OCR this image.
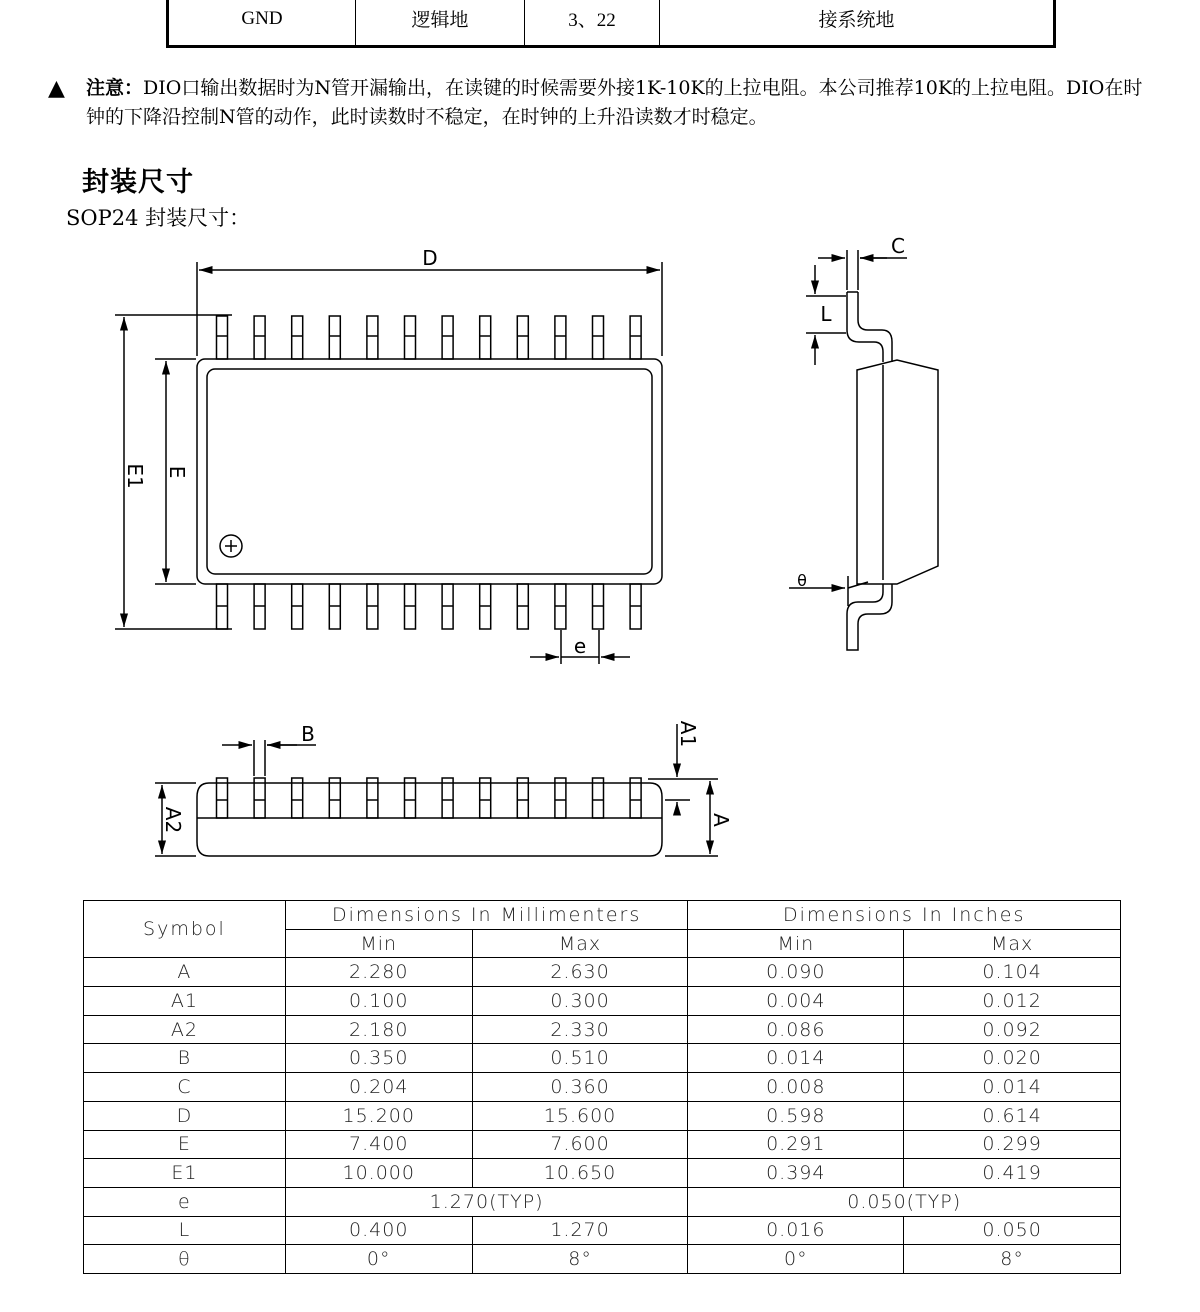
GND	逻辑地	3、22	接系统地
▲ 注意：DIO口输出数据时为N管开漏输出，在读键的时候需要外接1K-10K的上拉电阻。本公司推荐10K的上拉电阻。DIO在时钟的下降沿控制N管的动作，此时读数时不稳定，在时钟的上升沿读数才时稳定。
封装尺寸
SOP24 封装尺寸：
D
E1 E
e
C
L
θ
B	A1
A2	A
Symbol	Dimensions In Millimenters		Dimensions In Inches	
	Min	Max	Min	Max
A	2.280	2.630	0.090	0.104
A1	0.100	0.300	0.004	0.012
A2	2.180	2.330	0.086	0.092
B	0.350	0.510	0.014	0.020
C	0.204	0.360	0.008	0.014
D	15.200	15.600	0.598	0.614
E	7.400	7.600	0.291	0.299
E1	10.000	10.650	0.394	0.419
e	1.270(TYP)		0.050(TYP)	
L	0.400	1.270	0.016	0.050
θ	0°	8°	0°	8°
